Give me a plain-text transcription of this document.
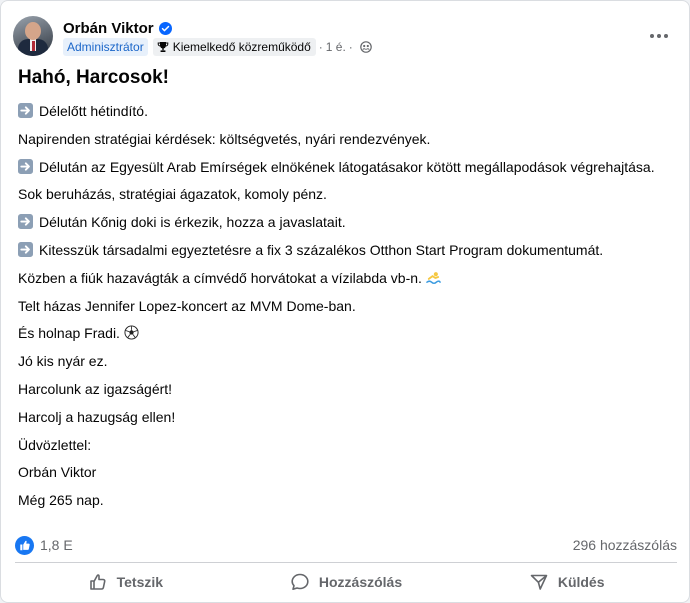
Orbán Viktor
Adminisztrátor	Kiemelkedő közreműködő · 1 é. ·
Hahó, Harcosok!
Délelőtt hétindító.
Napirenden stratégiai kérdések: költségvetés, nyári rendezvények.
Délután az Egyesült Arab Emírségek elnökének látogatásakor kötött megállapodások végrehajtása.
Sok beruházás, stratégiai ágazatok, komoly pénz.
Délután Kőnig doki is érkezik, hozza a javaslatait.
Kitesszük társadalmi egyeztetésre a fix 3 százalékos Otthon Start Program dokumentumát.
Közben a fiúk hazavágták a címvédő horvátokat a vízilabda vb-n.
Telt házas Jennifer Lopez-koncert az MVM Dome-ban.
És holnap Fradi.
Jó kis nyár ez.
Harcolunk az igazságért!
Harcolj a hazugság ellen!
Üdvözlettel:
Orbán Viktor
Még 265 nap.
1,8 E	296 hozzászólás
Tetszik	Hozzászólás	Küldés
